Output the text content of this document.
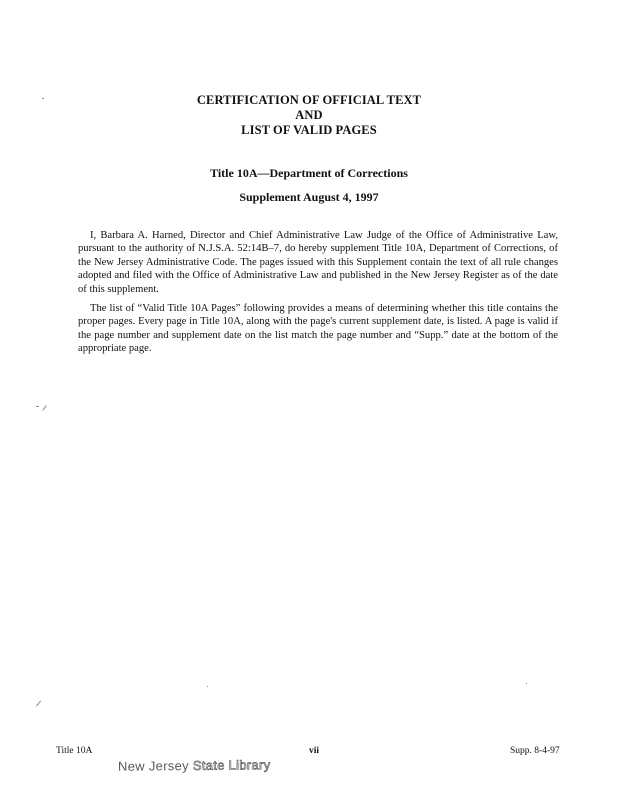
CERTIFICATION OF OFFICIAL TEXT
AND
LIST OF VALID PAGES
Title 10A—Department of Corrections
Supplement August 4, 1997

I, Barbara A. Harned, Director and Chief Administrative Law Judge of the Office of Administrative Law, pursuant to the authority of N.J.S.A. 52:14B–7, do hereby supplement Title 10A, Department of Corrections, of the New Jersey Administrative Code. The pages issued with this Supplement contain the text of all rule changes adopted and filed with the Office of Administrative Law and published in the New Jersey Register as of the date of this supplement.

The list of “Valid Title 10A Pages” following provides a means of determining whether this title contains the proper pages. Every page in Title 10A, along with the page's current supplement date, is listed. A page is valid if the page number and supplement date on the list match the page number and “Supp.” date at the bottom of the appropriate page.

Title 10A	vii	Supp. 8-4-97
New Jersey State Library
